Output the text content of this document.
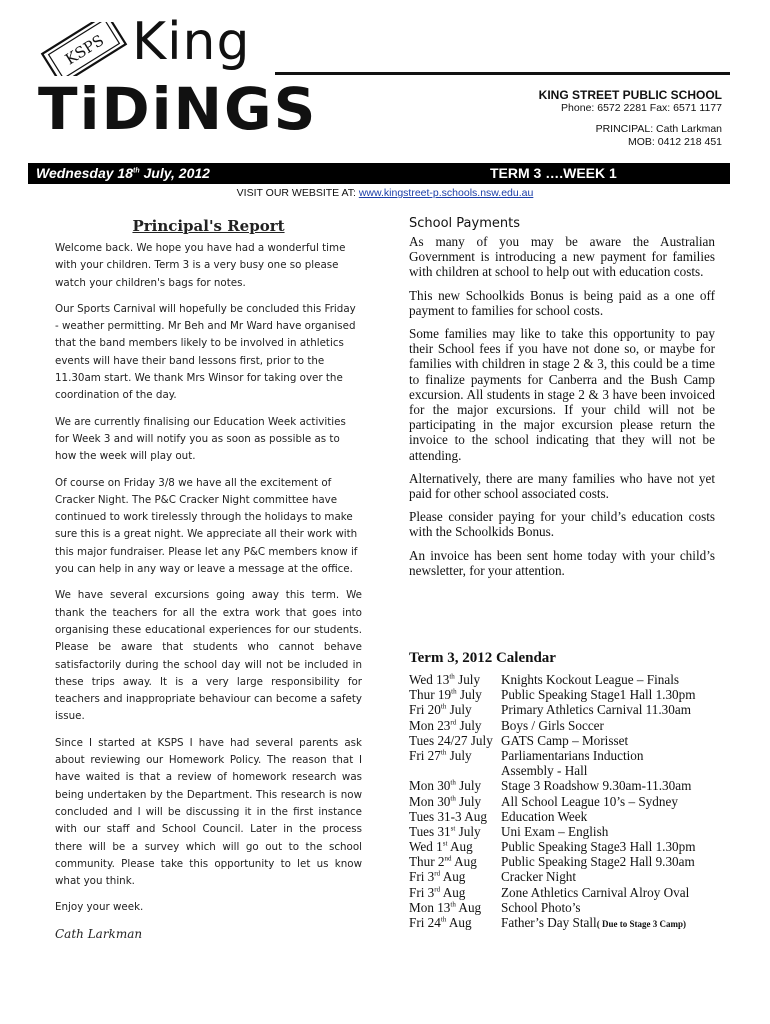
KSPS King
TiDiNGS	KING STREET PUBLIC SCHOOL
Phone: 6572 2281 Fax: 6571 1177
PRINCIPAL: Cath Larkman
MOB: 0412 218 451
Wednesday 18th July, 2012	TERM 3 ….WEEK 1
VISIT OUR WEBSITE AT: www.kingstreet-p.schools.nsw.edu.au
Principal's Report

Welcome back. We hope you have had a wonderful time with your children. Term 3 is a very busy one so please watch your children's bags for notes.

Our Sports Carnival will hopefully be concluded this Friday - weather permitting. Mr Beh and Mr Ward have organised that the band members likely to be involved in athletics events will have their band lessons first, prior to the 11.30am start. We thank Mrs Winsor for taking over the coordination of the day.

We are currently finalising our Education Week activities for Week 3 and will notify you as soon as possible as to how the week will play out.

Of course on Friday 3/8 we have all the excitement of Cracker Night. The P&C Cracker Night committee have continued to work tirelessly through the holidays to make sure this is a great night. We appreciate all their work with this major fundraiser. Please let any P&C members know if you can help in any way or leave a message at the office.

We have several excursions going away this term. We thank the teachers for all the extra work that goes into organising these educational experiences for our students. Please be aware that students who cannot behave satisfactorily during the school day will not be included in these trips away. It is a very large responsibility for teachers and inappropriate behaviour can become a safety issue.

Since I started at KSPS I have had several parents ask about reviewing our Homework Policy. The reason that I have waited is that a review of homework research was being undertaken by the Department. This research is now concluded and I will be discussing it in the first instance with our staff and School Council. Later in the process there will be a survey which will go out to the school community. Please take this opportunity to let us know what you think.

Enjoy your week.

Cath Larkman
School Payments

As many of you may be aware the Australian Government is introducing a new payment for families with children at school to help out with education costs.

This new Schoolkids Bonus is being paid as a one off payment to families for school costs.

Some families may like to take this opportunity to pay their School fees if you have not done so, or maybe for families with children in stage 2 & 3, this could be a time to finalize payments for Canberra and the Bush Camp excursion. All students in stage 2 & 3 have been invoiced for the major excursions. If your child will not be participating in the major excursion please return the invoice to the school indicating that they will not be attending.

Alternatively, there are many families who have not yet paid for other school associated costs.

Please consider paying for your child’s education costs with the Schoolkids Bonus.

An invoice has been sent home today with your child’s newsletter, for your attention.

Term 3, 2012 Calendar
Wed 13th July	Knights Kockout League – Finals
Thur 19th July	Public Speaking Stage1 Hall 1.30pm
Fri 20th July	Primary Athletics Carnival 11.30am
Mon 23rd July	Boys / Girls Soccer
Tues 24/27 July GATS Camp – Morisset
Fri 27th July	Parliamentarians Induction
Assembly - Hall
Mon 30th July	Stage 3 Roadshow 9.30am-11.30am
Mon 30th July	All School League 10’s – Sydney
Tues 31-3 Aug	Education Week
Tues 31st July	Uni Exam – English
Wed 1st Aug	Public Speaking Stage3 Hall 1.30pm
Thur 2nd Aug	Public Speaking Stage2 Hall 9.30am
Fri 3rd Aug	Cracker Night
Fri 3rd Aug	Zone Athletics Carnival Alroy Oval
Mon 13th Aug	School Photo’s
Fri 24th Aug	Father’s Day Stall( Due to Stage 3 Camp)
